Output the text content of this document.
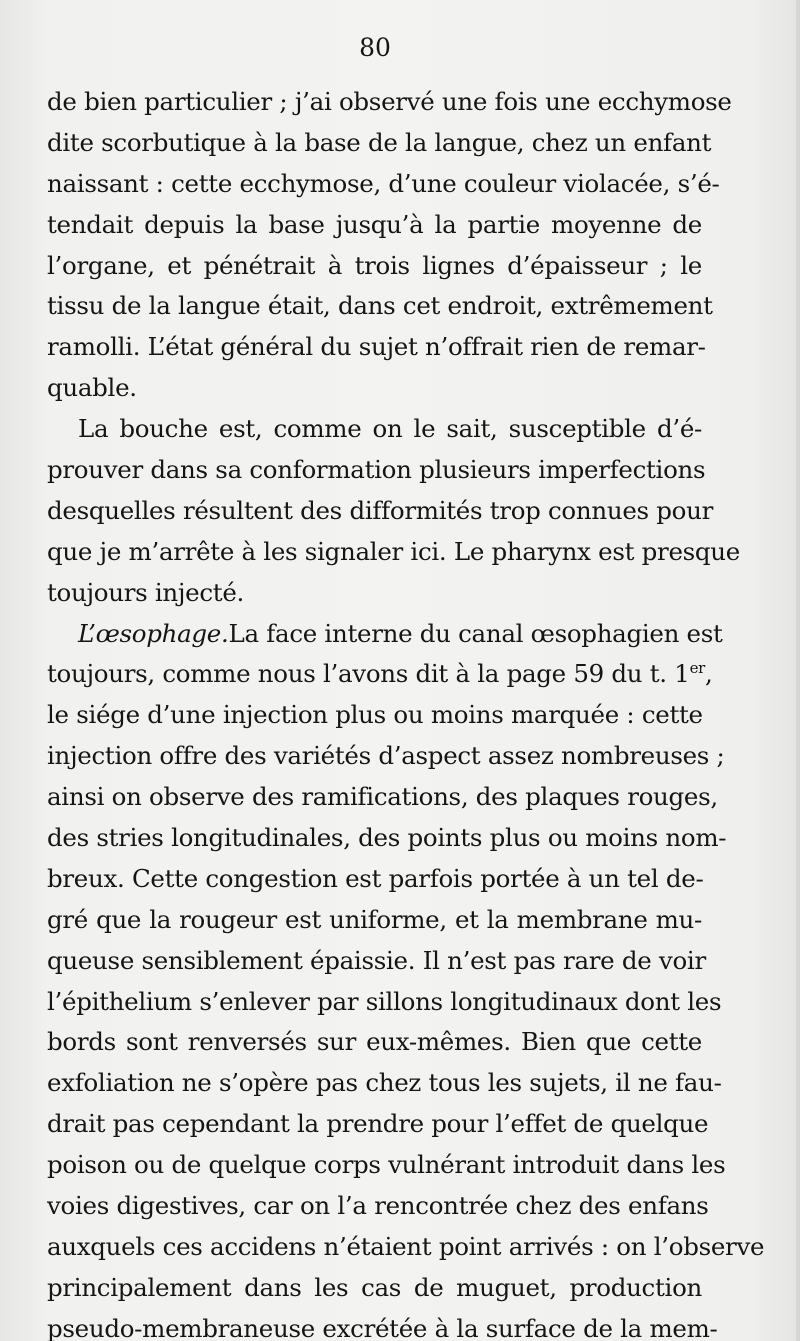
80
de bien particulier ; j’ai observé une fois une ecchymose
dite scorbutique à la base de la langue, chez un enfant
naissant : cette ecchymose, d’une couleur violacée, s’é-
tendait depuis la base jusqu’à la partie moyenne de
l’organe, et pénétrait à trois lignes d’épaisseur ; le
tissu de la langue était, dans cet endroit, extrêmement
ramolli. L’état général du sujet n’offrait rien de remar-
quable.
La bouche est, comme on le sait, susceptible d’é-
prouver dans sa conformation plusieurs imperfections
desquelles résultent des difformités trop connues pour
que je m’arrête à les signaler ici. Le pharynx est presque
toujours injecté.
L’œsophage. La face interne du canal œsophagien est
toujours, comme nous l’avons dit à la page 59 du t. 1 $^{er}$,
le siége d’une injection plus ou moins marquée : cette
injection offre des variétés d’aspect assez nombreuses ;
ainsi on observe des ramifications, des plaques rouges,
des stries longitudinales, des points plus ou moins nom-
breux. Cette congestion est parfois portée à un tel de-
gré que la rougeur est uniforme, et la membrane mu-
queuse sensiblement épaissie. Il n’est pas rare de voir
l’épithelium s’enlever par sillons longitudinaux dont les
bords sont renversés sur eux-mêmes. Bien que cette
exfoliation ne s’opère pas chez tous les sujets, il ne fau-
drait pas cependant la prendre pour l’effet de quelque
poison ou de quelque corps vulnérant introduit dans les
voies digestives, car on l’a rencontrée chez des enfans
auxquels ces accidens n’étaient point arrivés : on l’observe
principalement dans les cas de muguet, production
pseudo-membraneuse excrétée à la surface de la mem-
